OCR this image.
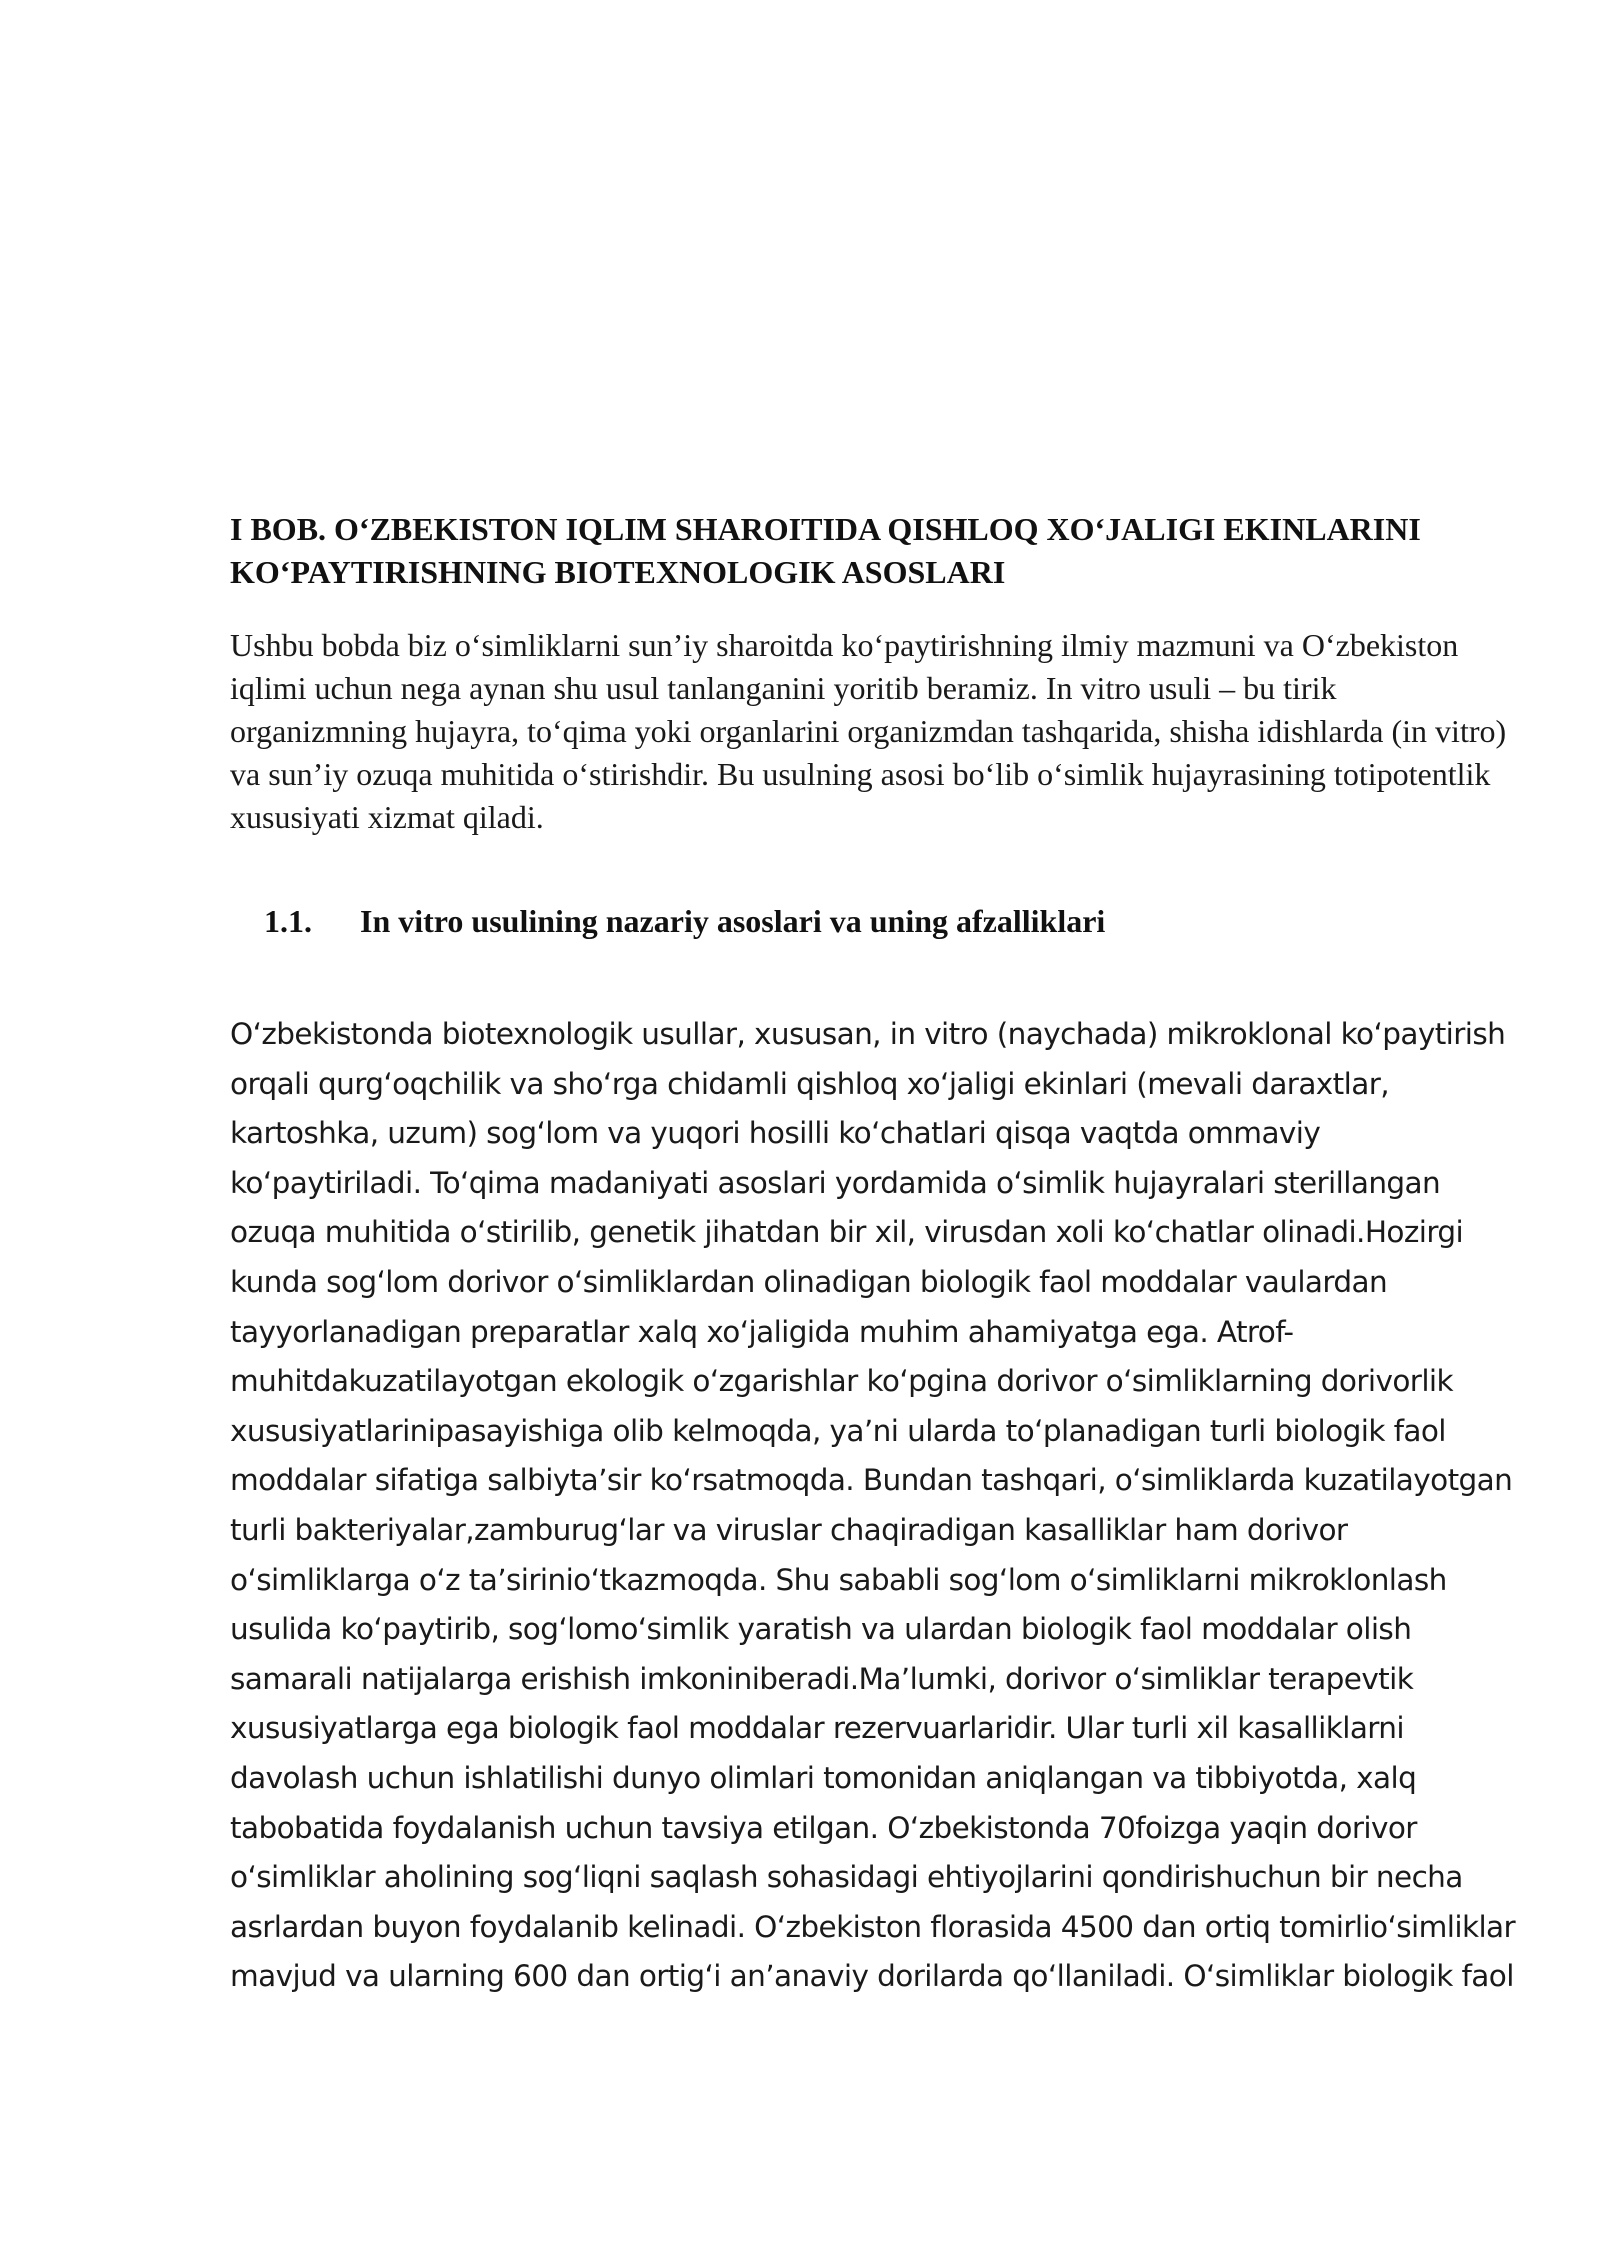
I BOB. O‘ZBEKISTON IQLIM SHAROITIDA QISHLOQ XO‘JALIGI EKINLARINI KO‘PAYTIRISHNING BIOTEXNOLOGIK ASOSLARI

Ushbu bobda biz o‘simliklarni sun’iy sharoitda ko‘paytirishning ilmiy mazmuni va O‘zbekiston iqlimi uchun nega aynan shu usul tanlanganini yoritib beramiz. In vitro usuli – bu tirik organizmning hujayra, to‘qima yoki organlarini organizmdan tashqarida, shisha idishlarda (in vitro) va sun’iy ozuqa muhitida o‘stirishdir. Bu usulning asosi bo‘lib o‘simlik hujayrasining totipotentlik xususiyati xizmat qiladi.

1.1. In vitro usulining nazariy asoslari va uning afzalliklari

O‘zbekistonda biotexnologik usullar, xususan, in vitro (naychada) mikroklonal ko‘paytirish orqali qurg‘oqchilik va sho‘rga chidamli qishloq xo‘jaligi ekinlari (mevali daraxtlar, kartoshka, uzum) sog‘lom va yuqori hosilli ko‘chatlari qisqa vaqtda ommaviy ko‘paytiriladi. To‘qima madaniyati asoslari yordamida o‘simlik hujayralari sterillangan ozuqa muhitida o‘stirilib, genetik jihatdan bir xil, virusdan xoli ko‘chatlar olinadi.Hozirgi kunda sog‘lom dorivor o‘simliklardan olinadigan biologik faol moddalar vaulardan tayyorlanadigan preparatlar xalq xo‘jaligida muhim ahamiyatga ega. Atrof-muhitdakuzatilayotgan ekologik o‘zgarishlar ko‘pgina dorivor o‘simliklarning dorivorlik xususiyatlarinipasayishiga olib kelmoqda, ya’ni ularda to‘planadigan turli biologik faol moddalar sifatiga salbiyta’sir ko‘rsatmoqda. Bundan tashqari, o‘simliklarda kuzatilayotgan turli bakteriyalar,zamburug‘lar va viruslar chaqiradigan kasalliklar ham dorivor o‘simliklarga o‘z ta’sirinio‘tkazmoqda. Shu sababli sog‘lom o‘simliklarni mikroklonlash usulida ko‘paytirib, sog‘lomo‘simlik yaratish va ulardan biologik faol moddalar olish samarali natijalarga erishish imkoniniberadi.Ma’lumki, dorivor o‘simliklar terapevtik xususiyatlarga ega biologik faol moddalar rezervuarlaridir. Ular turli xil kasalliklarni davolash uchun ishlatilishi dunyo olimlari tomonidan aniqlangan va tibbiyotda, xalq tabobatida foydalanish uchun tavsiya etilgan. O‘zbekistonda 70foizga yaqin dorivor o‘simliklar aholining sog‘liqni saqlash sohasidagi ehtiyojlarini qondirishuchun bir necha asrlardan buyon foydalanib kelinadi. O‘zbekiston florasida 4500 dan ortiq tomirlio‘simliklar mavjud va ularning 600 dan ortig‘i an’anaviy dorilarda qo‘llaniladi. O‘simliklar biologik faol
